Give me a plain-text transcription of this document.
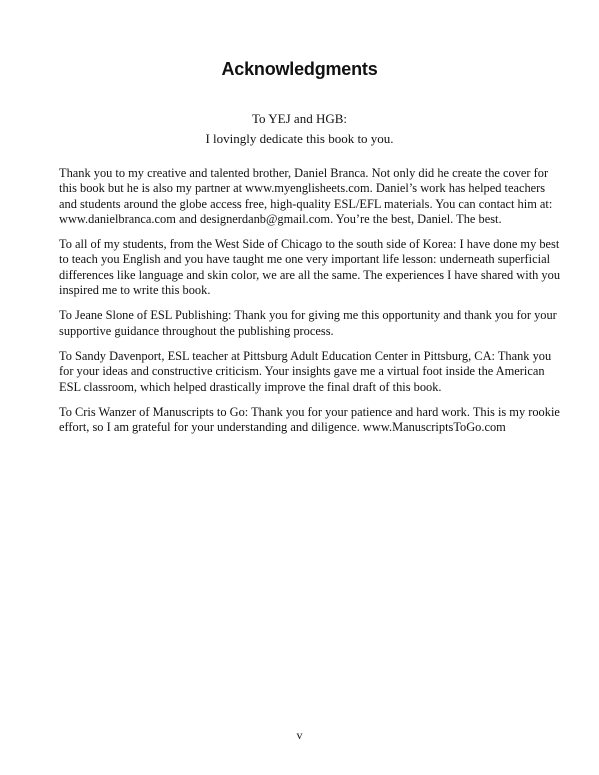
Acknowledgments
To YEJ and HGB:
I lovingly dedicate this book to you.
Thank you to my creative and talented brother, Daniel Branca. Not only did he create the cover for
this book but he is also my partner at www.myenglisheets.com. Daniel’s work has helped teachers
and students around the globe access free, high-quality ESL/EFL materials. You can contact him at:
www.danielbranca.com and designerdanb@gmail.com. You’re the best, Daniel. The best.
To all of my students, from the West Side of Chicago to the south side of Korea: I have done my best
to teach you English and you have taught me one very important life lesson: underneath superficial
differences like language and skin color, we are all the same. The experiences I have shared with you
inspired me to write this book.
To Jeane Slone of ESL Publishing: Thank you for giving me this opportunity and thank you for your
supportive guidance throughout the publishing process.
To Sandy Davenport, ESL teacher at Pittsburg Adult Education Center in Pittsburg, CA: Thank you
for your ideas and constructive criticism. Your insights gave me a virtual foot inside the American
ESL classroom, which helped drastically improve the final draft of this book.
To Cris Wanzer of Manuscripts to Go: Thank you for your patience and hard work. This is my rookie
effort, so I am grateful for your understanding and diligence. www.ManuscriptsToGo.com
v
